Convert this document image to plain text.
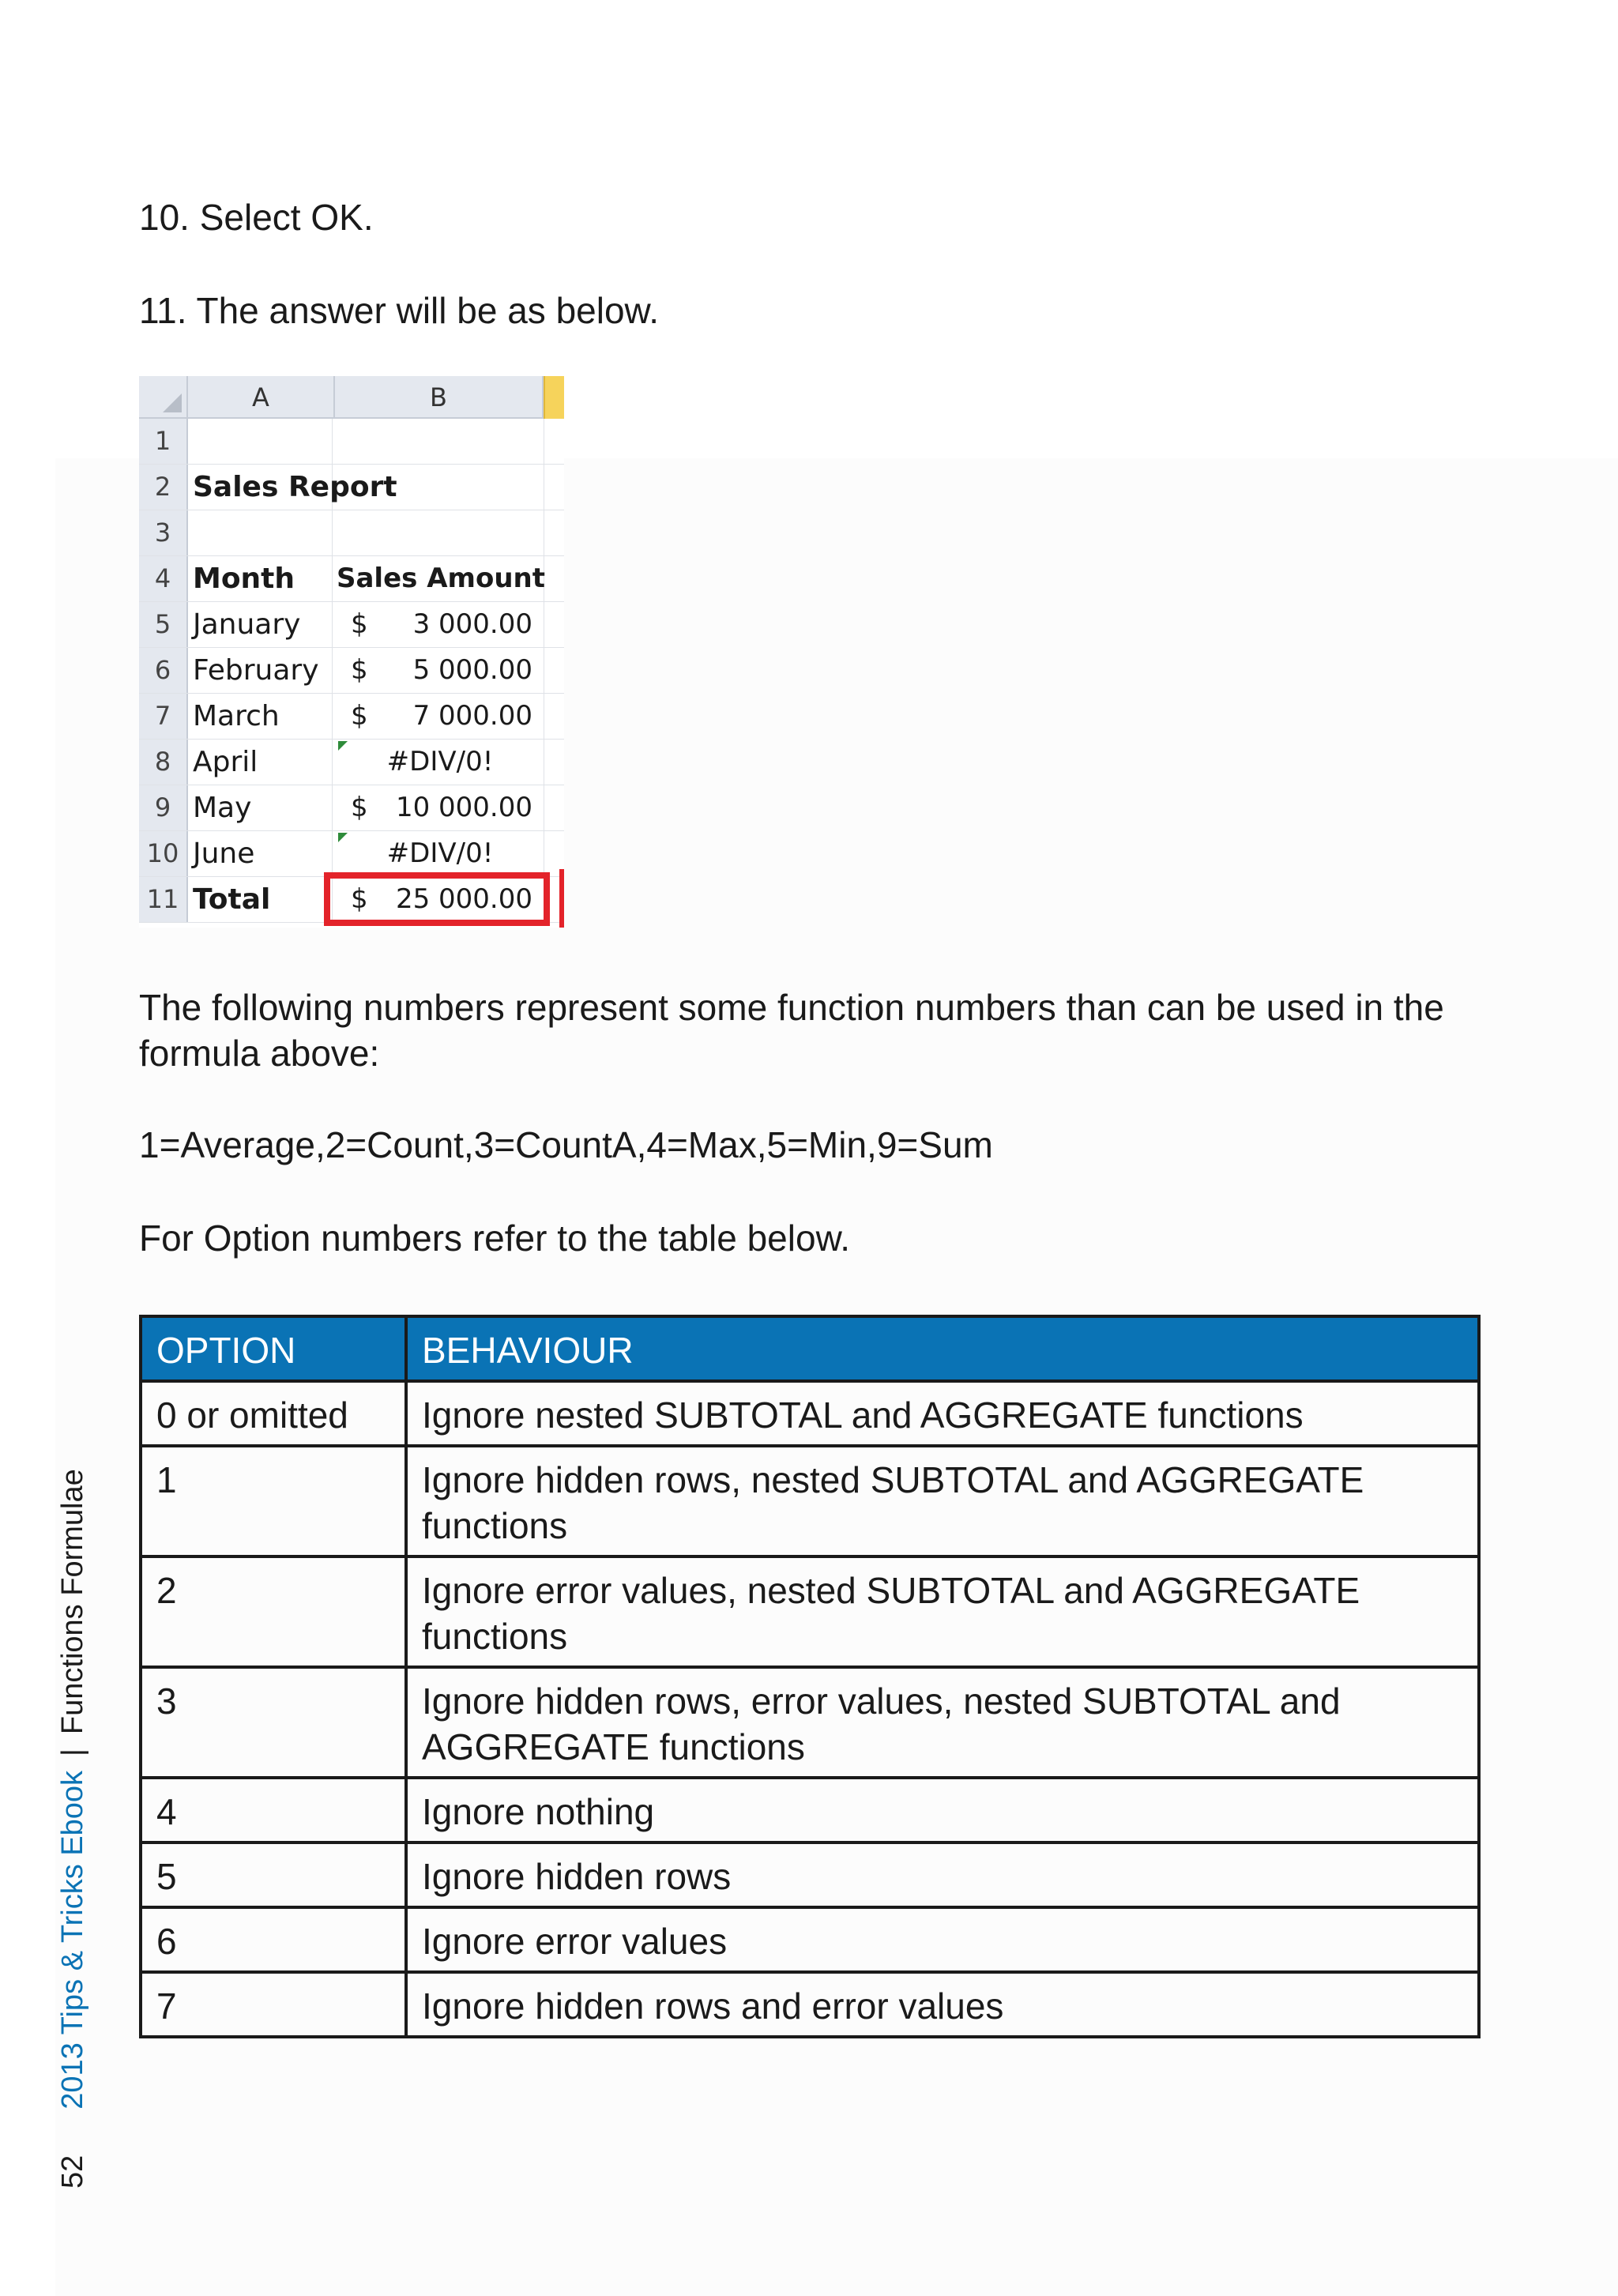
10. Select OK.

11. The answer will be as below.

A	B
1
2 Sales Report
3
4 Month	Sales Amount
5 January	$ 3 000.00
6 February	$ 5 000.00
7 March	$ 7 000.00
8 April	#DIV/0!
9 May	$ 10 000.00
10 June	#DIV/0!
11 Total	$ 25 000.00

The following numbers represent some function numbers than can be used in the formula above:

1=Average,2=Count,3=CountA,4=Max,5=Min,9=Sum

For Option numbers refer to the table below.

OPTION	BEHAVIOUR
0 or omitted	Ignore nested SUBTOTAL and AGGREGATE functions
1	Ignore hidden rows, nested SUBTOTAL and AGGREGATE functions
2	Ignore error values, nested SUBTOTAL and AGGREGATE functions
3	Ignore hidden rows, error values, nested SUBTOTAL and AGGREGATE functions
4	Ignore nothing
5	Ignore hidden rows
6	Ignore error values
7	Ignore hidden rows and error values
522013 Tips & Tricks Ebook|Functions Formulae
